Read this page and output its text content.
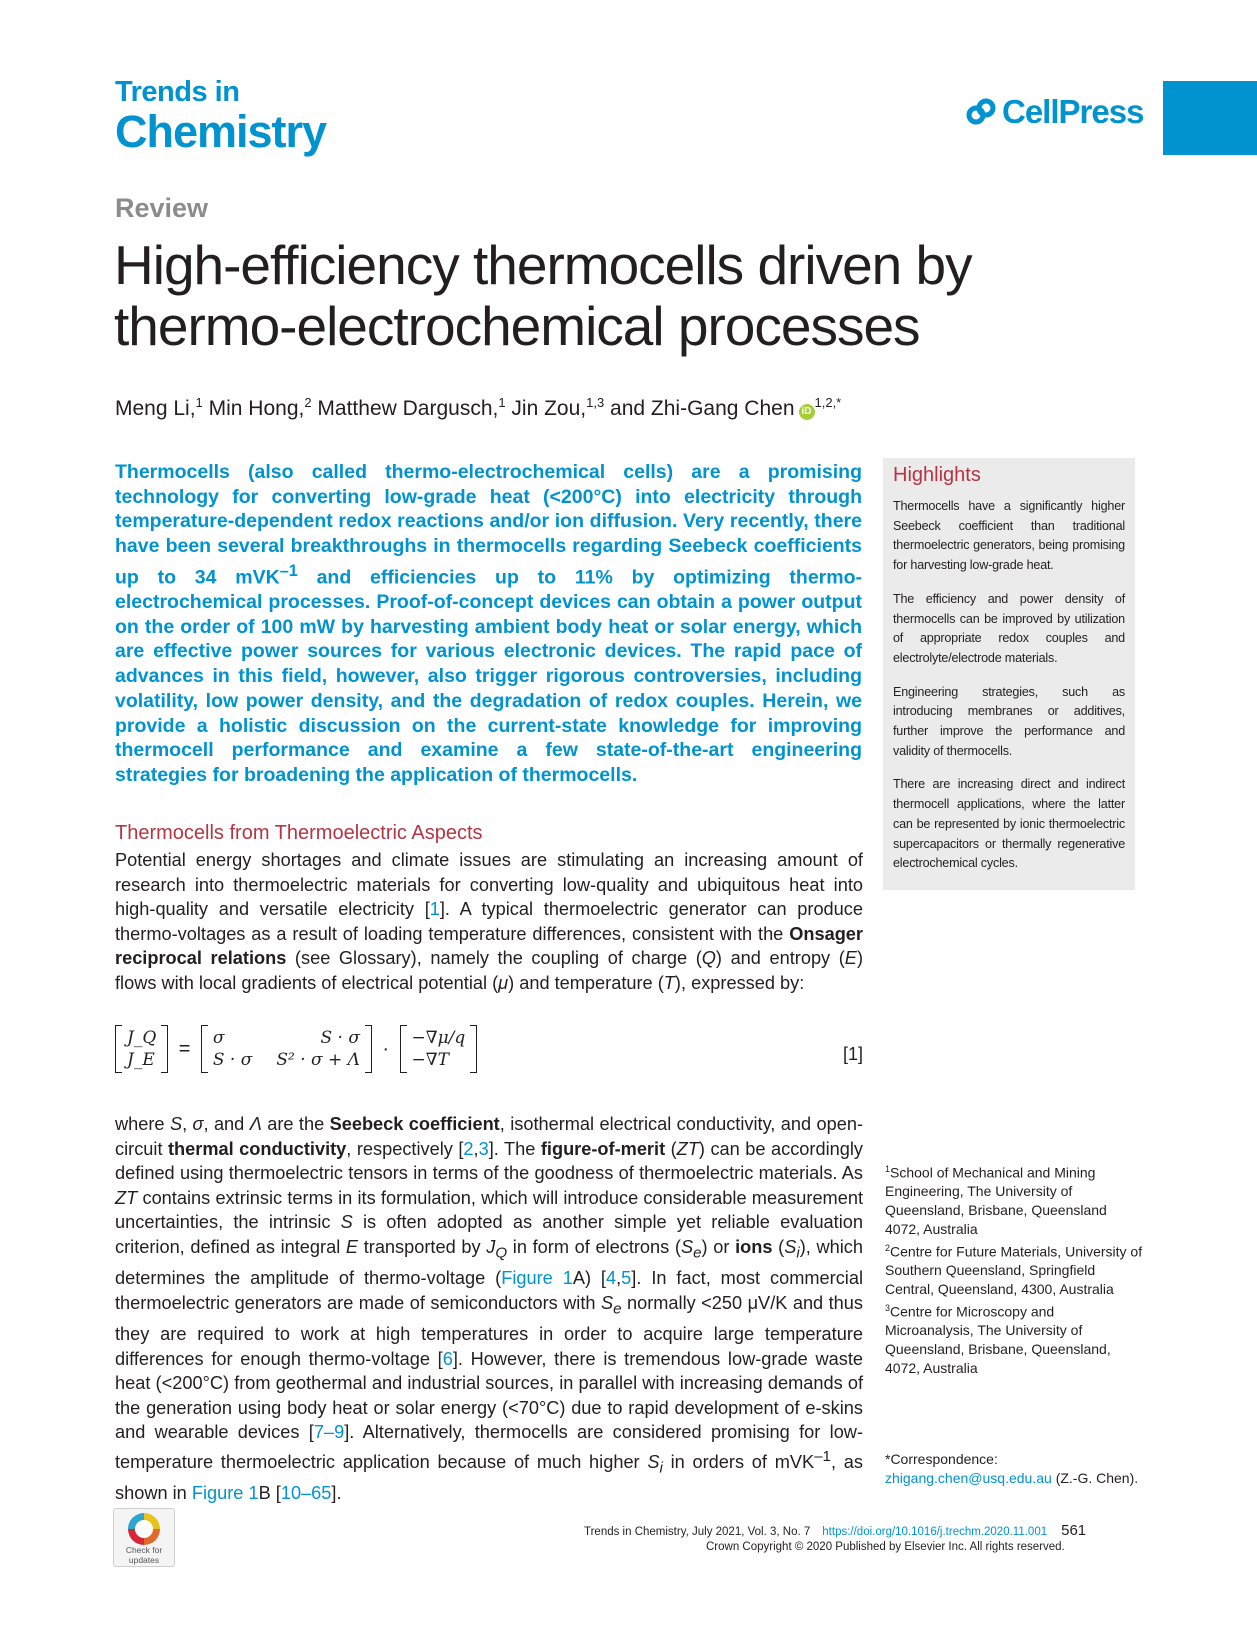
Trends in
Chemistry	CellPress
Review
High-efficiency thermocells driven by thermo-electrochemical processes
Meng Li,$^1$ Min Hong,$^2$ Matthew Dargusch,$^1$ Jin Zou,$^{1,3}$ and Zhi-Gang Chen $iD^{1,2,*}$
Thermocells (also called thermo-electrochemical cells) are a promising technology for converting low-grade heat (<200°C) into electricity through temperature-dependent redox reactions and/or ion diffusion. Very recently, there have been several breakthroughs in thermocells regarding Seebeck coefficients up to 34 mVK$^{-1}$ and efficiencies up to 11% by optimizing thermo-electrochemical processes. Proof-of-concept devices can obtain a power output on the order of 100 mW by harvesting ambient body heat or solar energy, which are effective power sources for various electronic devices. The rapid pace of advances in this field, however, also trigger rigorous controversies, including volatility, low power density, and the degradation of redox couples. Herein, we provide a holistic discussion on the current-state knowledge for improving thermocell performance and examine a few state-of-the-art engineering strategies for broadening the application of thermocells.
Highlights

Thermocells have a significantly higher Seebeck coefficient than traditional thermoelectric generators, being promising for harvesting low-grade heat.

The efficiency and power density of thermocells can be improved by utilization of appropriate redox couples and electrolyte/electrode materials.

Engineering strategies, such as introducing membranes or additives, further improve the performance and validity of thermocells.

There are increasing direct and indirect thermocell applications, where the latter can be represented by ionic thermoelectric supercapacitors or thermally regenerative electrochemical cycles.

Thermocells from Thermoelectric Aspects
Potential energy shortages and climate issues are stimulating an increasing amount of research into thermoelectric materials for converting low-quality and ubiquitous heat into high-quality and versatile electricity [1]. A typical thermoelectric generator can produce thermo-voltages as a result of loading temperature differences, consistent with the Onsager reciprocal relations (see Glossary), namely the coupling of charge (Q) and entropy (E) flows with local gradients of electrical potential (μ) and temperature (T), expressed by:
J_Q
J_E
= σ	S · σ
S · σ S² · σ + Λ
· −∇μ/q
−∇T	[1]
where S, σ, and Λ are the Seebeck coefficient, isothermal electrical conductivity, and open-circuit thermal conductivity, respectively [2,3]. The figure-of-merit (ZT) can be accordingly defined using thermoelectric tensors in terms of the goodness of thermoelectric materials. As ZT contains extrinsic terms in its formulation, which will introduce considerable measurement uncertainties, the intrinsic S is often adopted as another simple yet reliable evaluation criterion, defined as integral E transported by $J_Q$ in form of electrons $(S_e)$ or ions $(S_i)$, which determines the amplitude of thermo-voltage (Figure 1A) [4,5]. In fact, most commercial thermoelectric generators are made of semiconductors with $S_e$ normally <250 μV/K and thus they are required to work at high temperatures in order to acquire large temperature differences for enough thermo-voltage [6]. However, there is tremendous low-grade waste heat (<200°C) from geothermal and industrial sources, in parallel with increasing demands of the generation using body heat or solar energy (<70°C) due to rapid development of e-skins and wearable devices [7–9]. Alternatively, thermocells are considered promising for low-temperature thermoelectric application because of much higher $S_i$ in orders of mVK$^{-1}$, as shown in Figure 1B [10–65].
$^1$School of Mechanical and Mining Engineering, The University of Queensland, Brisbane, Queensland 4072, Australia
$^2$Centre for Future Materials, University of Southern Queensland, Springfield Central, Queensland, 4300, Australia
$^3$Centre for Microscopy and Microanalysis, The University of Queensland, Brisbane, Queensland, 4072, Australia
*Correspondence:
zhigang.chen@usq.edu.au (Z.-G. Chen).
Check for
updates
Trends in Chemistry, July 2021, Vol. 3, No. 7 https://doi.org/10.1016/j.trechm.2020.11.001 561
Crown Copyright © 2020 Published by Elsevier Inc. All rights reserved.
